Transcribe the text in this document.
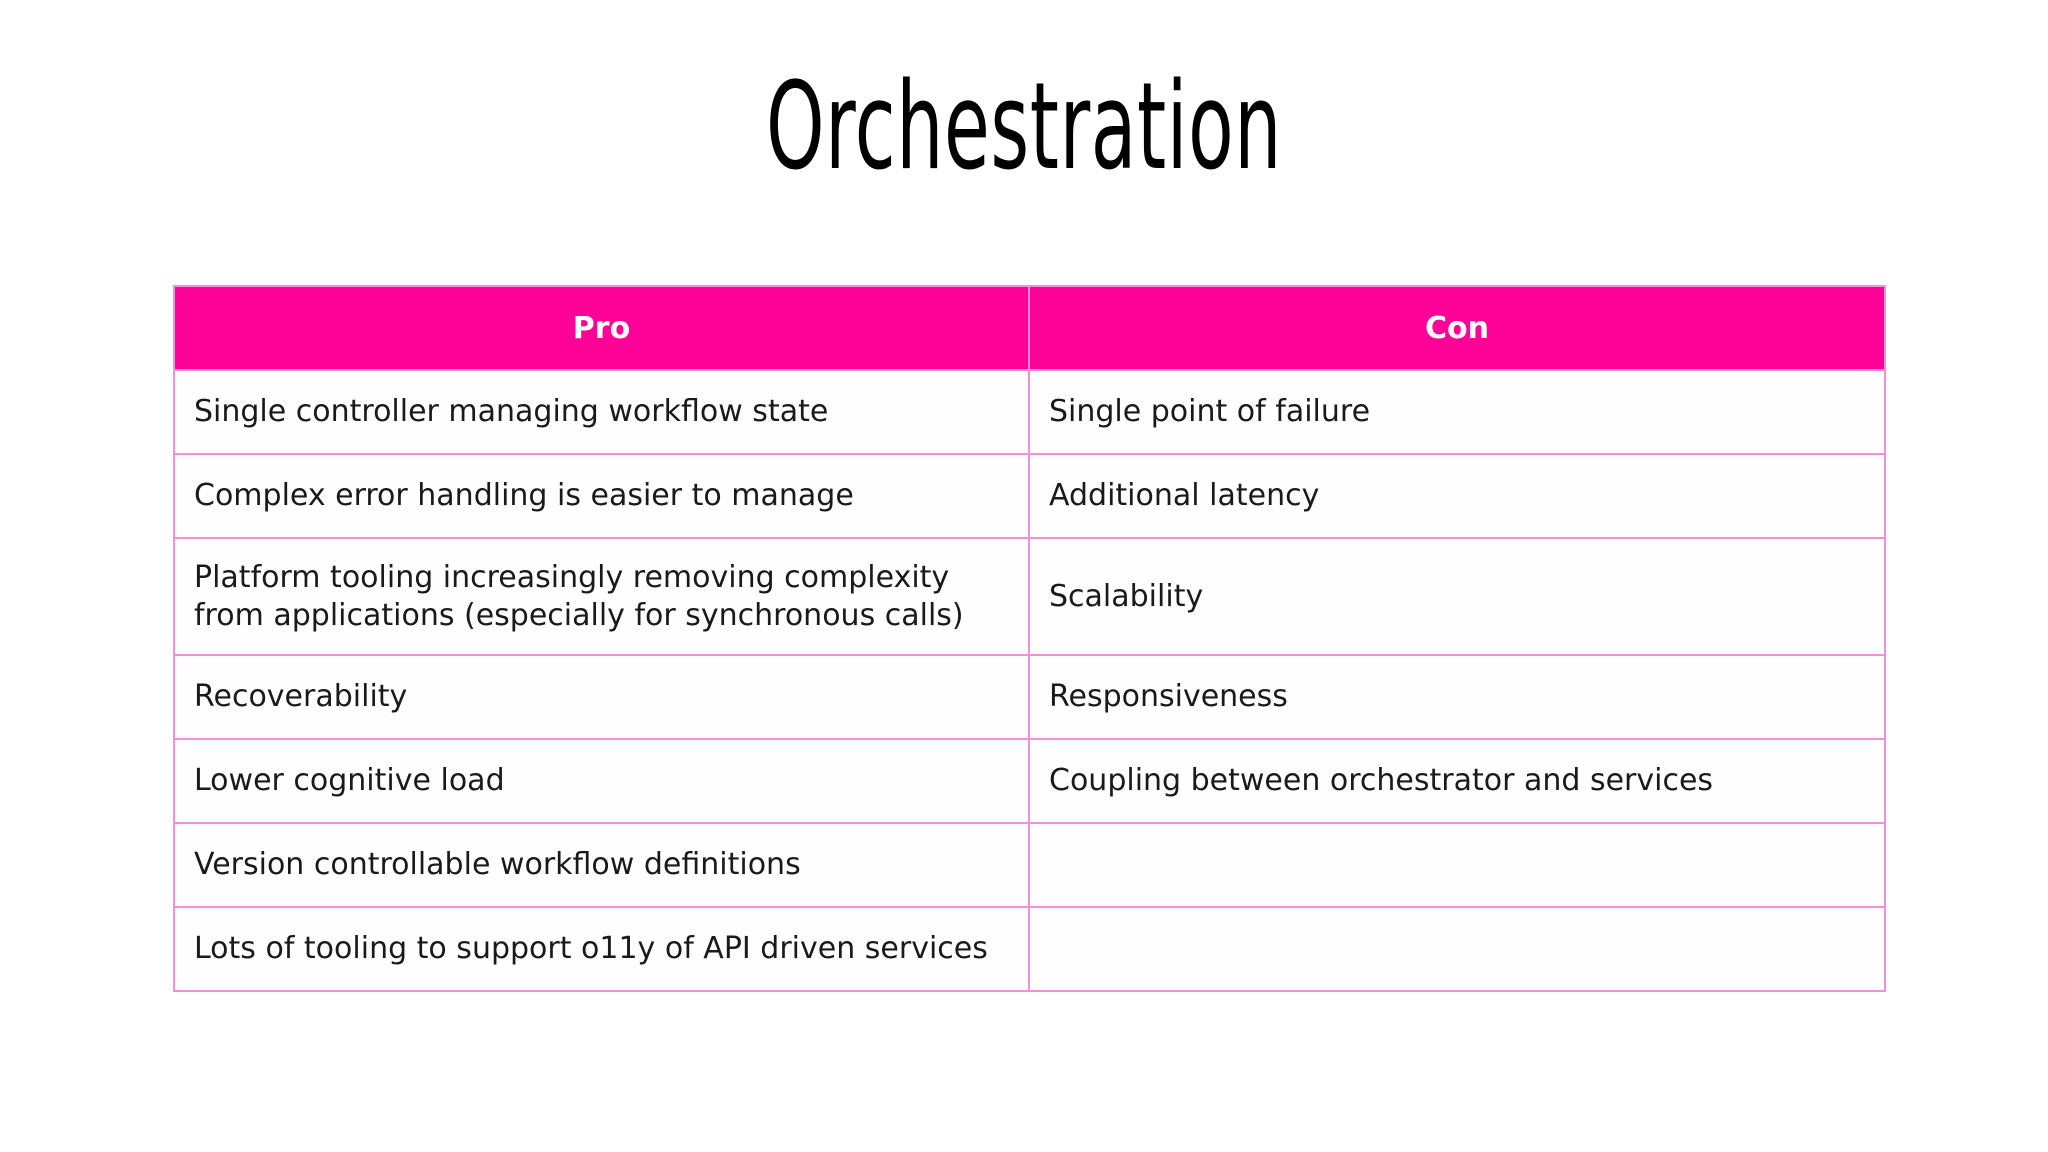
Orchestration
Pro	Con
Single controller managing workflow state	Single point of failure
Complex error handling is easier to manage	Additional latency
Platform tooling increasingly removing complexity from applications (especially for synchronous calls)	Scalability
Recoverability	Responsiveness
Lower cognitive load	Coupling between orchestrator and services
Version controllable workflow definitions	
Lots of tooling to support o11y of API driven services	
